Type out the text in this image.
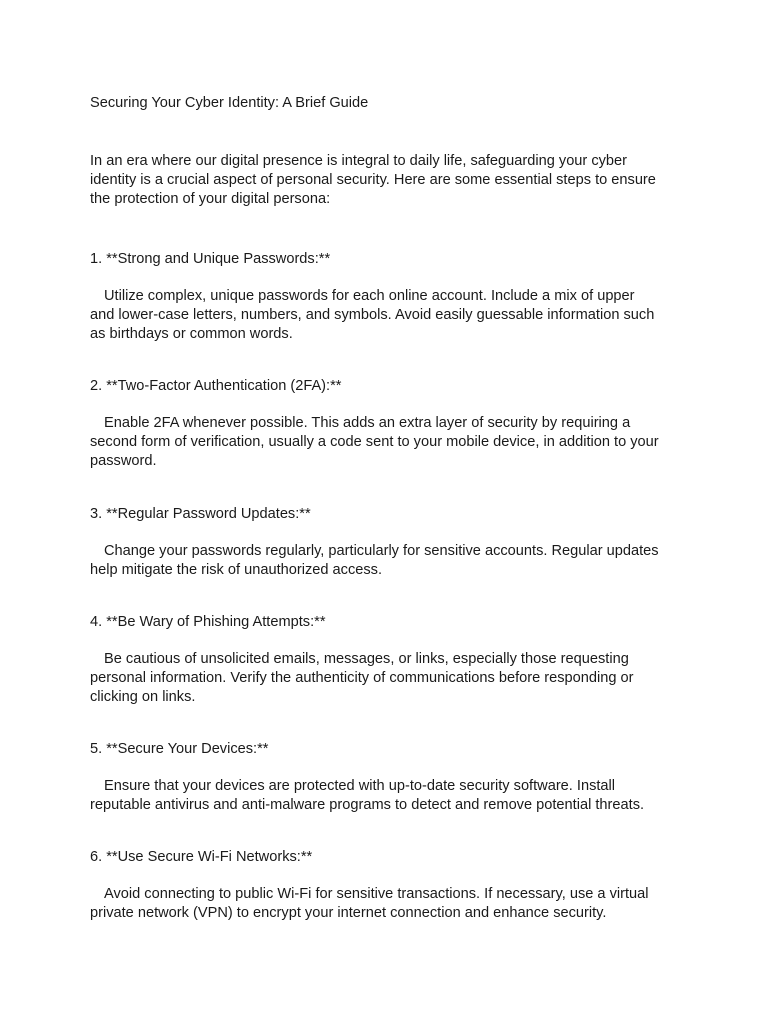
Securing Your Cyber Identity: A Brief Guide

In an era where our digital presence is integral to daily life, safeguarding your cyber identity is a crucial aspect of personal security. Here are some essential steps to ensure the protection of your digital persona:

1. **Strong and Unique Passwords:**

Utilize complex, unique passwords for each online account. Include a mix of upper
and lower-case letters, numbers, and symbols. Avoid easily guessable information such
as birthdays or common words.

2. **Two-Factor Authentication (2FA):**

Enable 2FA whenever possible. This adds an extra layer of security by requiring a
second form of verification, usually a code sent to your mobile device, in addition to your
password.

3. **Regular Password Updates:**

Change your passwords regularly, particularly for sensitive accounts. Regular updates
help mitigate the risk of unauthorized access.

4. **Be Wary of Phishing Attempts:**

Be cautious of unsolicited emails, messages, or links, especially those requesting
personal information. Verify the authenticity of communications before responding or
clicking on links.

5. **Secure Your Devices:**

Ensure that your devices are protected with up-to-date security software. Install
reputable antivirus and anti-malware programs to detect and remove potential threats.

6. **Use Secure Wi-Fi Networks:**

Avoid connecting to public Wi-Fi for sensitive transactions. If necessary, use a virtual
private network (VPN) to encrypt your internet connection and enhance security.
